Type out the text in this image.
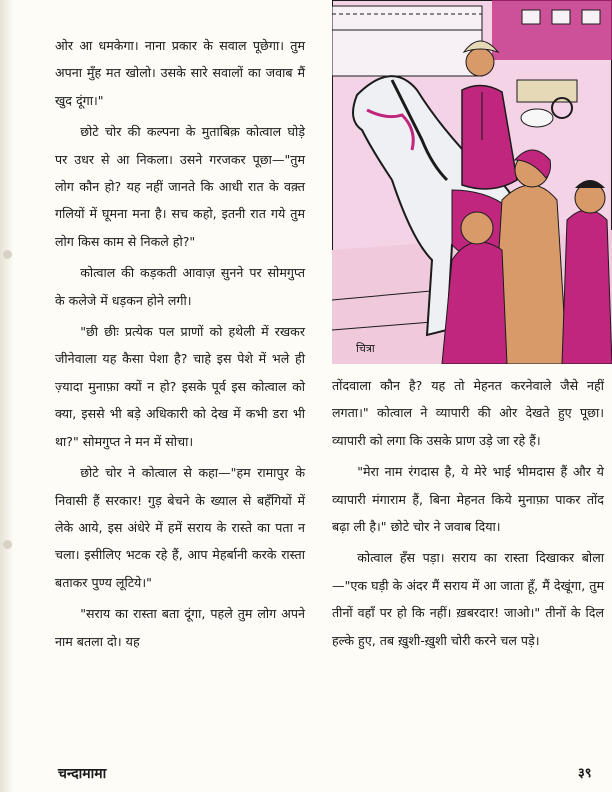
ओर आ धमकेगा। नाना प्रकार के सवाल पूछेगा। तुम अपना मुँह मत खोलो। उसके सारे सवालों का जवाब मैं खुद दूंगा।"

छोटे चोर की कल्पना के मुताबिक़ कोत्वाल घोड़े पर उधर से आ निकला। उसने गरजकर पूछा—"तुम लोग कौन हो? यह नहीं जानते कि आधी रात के वक़्त गलियों में घूमना मना है। सच कहो, इतनी रात गये तुम लोग किस काम से निकले हो?"

कोत्वाल की कड़कती आवाज़ सुनने पर सोमगुप्त के कलेजे में धड़कन होने लगी।

"छी छीः प्रत्येक पल प्राणों को हथेली में रखकर जीनेवाला यह कैसा पेशा है? चाहे इस पेशे में भले ही ज़्यादा मुनाफ़ा क्यों न हो? इसके पूर्व इस कोत्वाल को क्या, इससे भी बड़े अधिकारी को देख में कभी डरा भी था?" सोमगुप्त ने मन में सोचा।

छोटे चोर ने कोत्वाल से कहा—"हम रामापुर के निवासी हैं सरकार! गुड़ बेचने के ख्याल से बहँगियों में लेके आये, इस अंधेरे में हमें सराय के रास्ते का पता न चला। इसीलिए भटक रहे हैं, आप मेहर्बानी करके रास्ता बताकर पुण्य लूटिये।"

"सराय का रास्ता बता दूंगा, पहले तुम लोग अपने नाम बतला दो। यह

चित्रा

तोंदवाला कौन है? यह तो मेहनत करनेवाले जैसे नहीं लगता।" कोत्वाल ने व्यापारी की ओर देखते हुए पूछा। व्यापारी को लगा कि उसके प्राण उड़े जा रहे हैं।

"मेरा नाम रंगदास है, ये मेरे भाई भीमदास हैं और ये व्यापारी मंगाराम हैं, बिना मेहनत किये मुनाफ़ा पाकर तोंद बढ़ा ली है।" छोटे चोर ने जवाब दिया।

कोत्वाल हँस पड़ा। सराय का रास्ता दिखाकर बोला—"एक घड़ी के अंदर मैं सराय में आ जाता हूँ, मैं देखूंगा, तुम तीनों वहाँ पर हो कि नहीं। ख़बरदार! जाओ।" तीनों के दिल हल्के हुए, तब ख़ुशी-ख़ुशी चोरी करने चल पड़े।

चन्दामामा	३९
